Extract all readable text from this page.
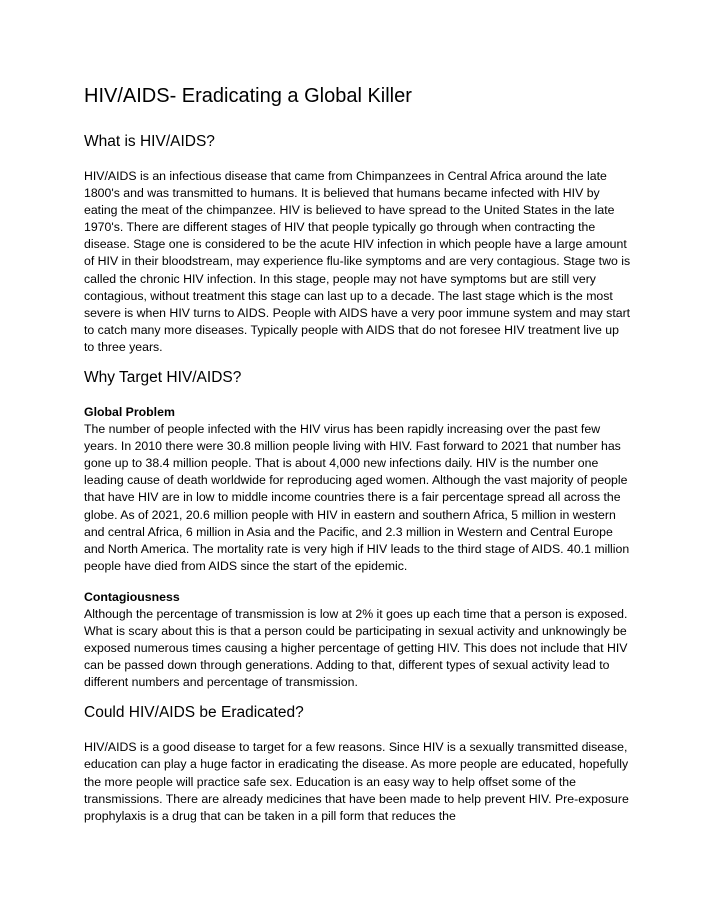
HIV/AIDS- Eradicating a Global Killer
What is HIV/AIDS?

HIV/AIDS is an infectious disease that came from Chimpanzees in Central Africa around the late 1800's and was transmitted to humans. It is believed that humans became infected with HIV by eating the meat of the chimpanzee. HIV is believed to have spread to the United States in the late 1970's. There are different stages of HIV that people typically go through when contracting the disease. Stage one is considered to be the acute HIV infection in which people have a large amount of HIV in their bloodstream, may experience flu-like symptoms and are very contagious. Stage two is called the chronic HIV infection. In this stage, people may not have symptoms but are still very contagious, without treatment this stage can last up to a decade. The last stage which is the most severe is when HIV turns to AIDS. People with AIDS have a very poor immune system and may start to catch many more diseases. Typically people with AIDS that do not foresee HIV treatment live up to three years.

Why Target HIV/AIDS?
Global Problem

The number of people infected with the HIV virus has been rapidly increasing over the past few years. In 2010 there were 30.8 million people living with HIV. Fast forward to 2021 that number has gone up to 38.4 million people. That is about 4,000 new infections daily. HIV is the number one leading cause of death worldwide for reproducing aged women. Although the vast majority of people that have HIV are in low to middle income countries there is a fair percentage spread all across the globe. As of 2021, 20.6 million people with HIV in eastern and southern Africa, 5 million in western and central Africa, 6 million in Asia and the Pacific, and 2.3 million in Western and Central Europe and North America. The mortality rate is very high if HIV leads to the third stage of AIDS. 40.1 million people have died from AIDS since the start of the epidemic.

Contagiousness

Although the percentage of transmission is low at 2% it goes up each time that a person is exposed. What is scary about this is that a person could be participating in sexual activity and unknowingly be exposed numerous times causing a higher percentage of getting HIV. This does not include that HIV can be passed down through generations. Adding to that, different types of sexual activity lead to different numbers and percentage of transmission.

Could HIV/AIDS be Eradicated?

HIV/AIDS is a good disease to target for a few reasons. Since HIV is a sexually transmitted disease, education can play a huge factor in eradicating the disease. As more people are educated, hopefully the more people will practice safe sex. Education is an easy way to help offset some of the transmissions. There are already medicines that have been made to help prevent HIV. Pre-exposure prophylaxis is a drug that can be taken in a pill form that reduces the
